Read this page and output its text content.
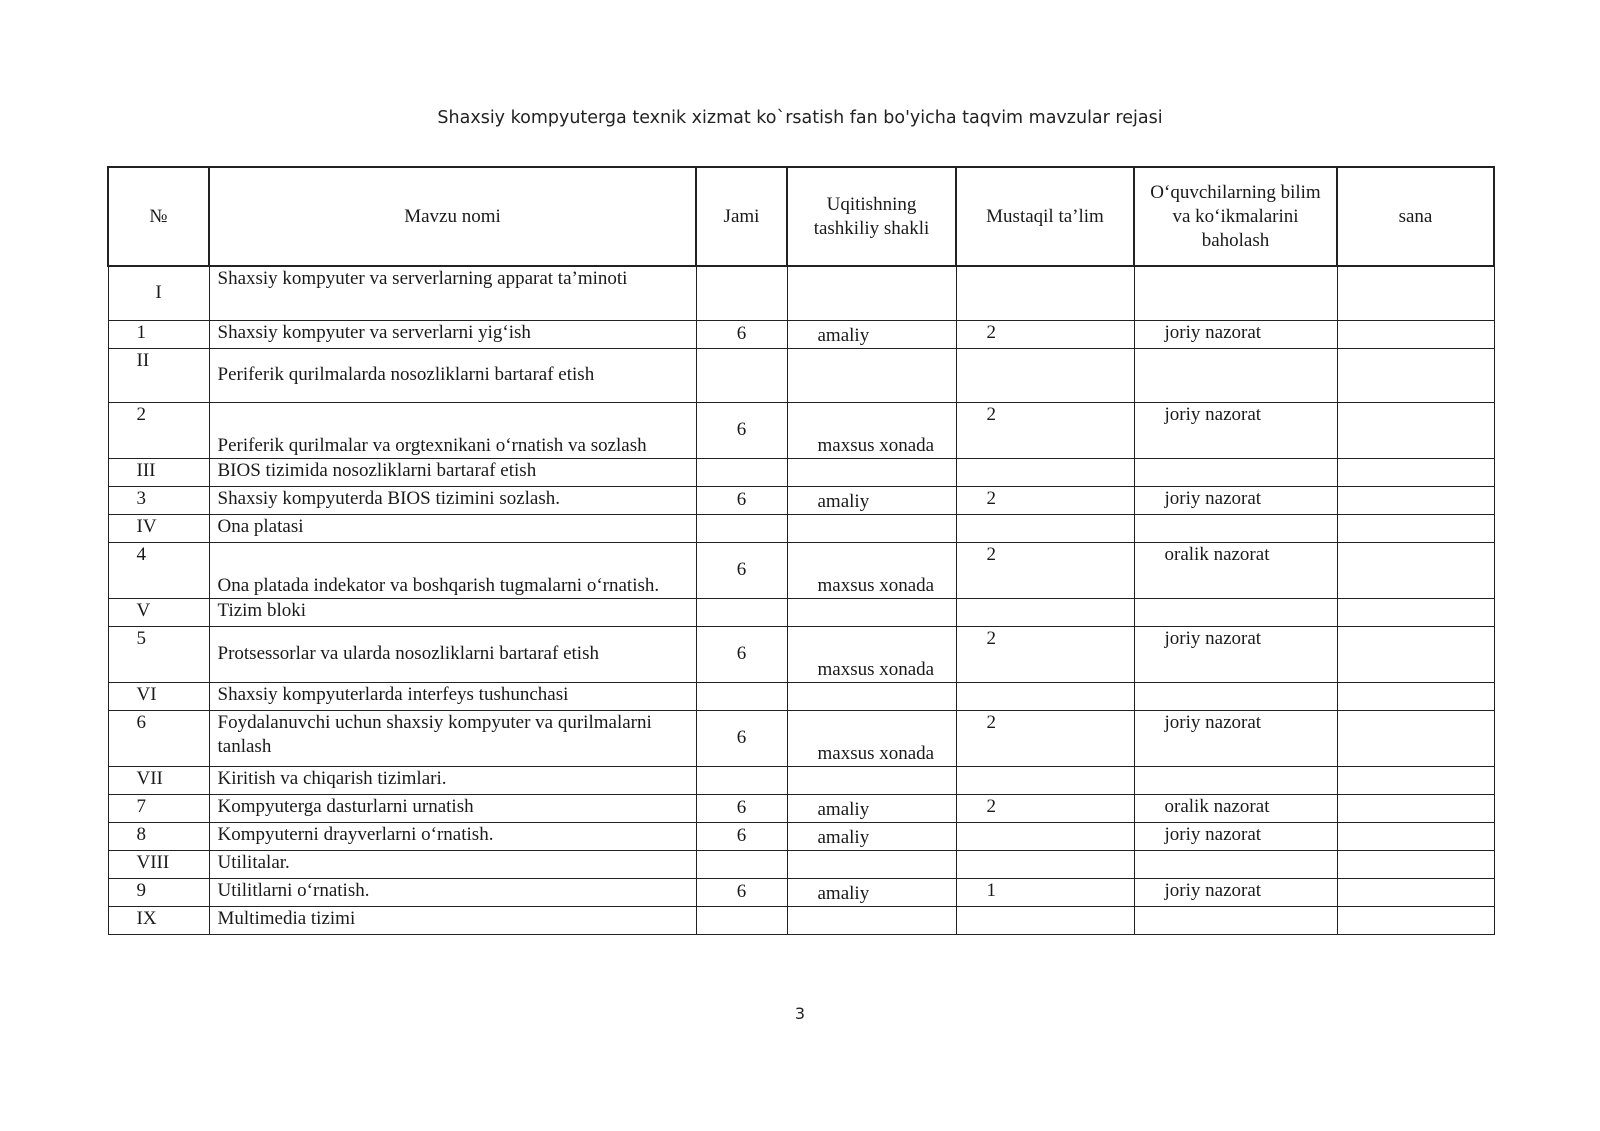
Shaxsiy kompyuterga texnik xizmat ko`rsatish fan bo'yicha taqvim mavzular rejasi
№	Mavzu nomi	Jami	Uqitishning tashkiliy shakli	Mustaqil ta’lim	O‘quvchilarning bilim va ko‘ikmalarini baholash	sana
I	Shaxsiy kompyuter va serverlarning apparat ta’minoti					
1	Shaxsiy kompyuter va serverlarni yig‘ish	6	amaliy	2	joriy nazorat	
II	Periferik qurilmalarda nosozliklarni bartaraf etish					
2	Periferik qurilmalar va orgtexnikani o‘rnatish va sozlash	6	maxsus xonada	2	joriy nazorat	
III	BIOS tizimida nosozliklarni bartaraf etish					
3	Shaxsiy kompyuterda BIOS tizimini sozlash.	6	amaliy	2	joriy nazorat	
IV	Ona platasi					
4	Ona platada indekator va boshqarish tugmalarni o‘rnatish.	6	maxsus xonada	2	oralik nazorat	
V	Tizim bloki					
5	Protsessorlar va ularda nosozliklarni bartaraf etish	6	maxsus xonada	2	joriy nazorat	
VI	Shaxsiy kompyuterlarda interfeys tushunchasi					
6	Foydalanuvchi uchun shaxsiy kompyuter va qurilmalarni tanlash	6	maxsus xonada	2	joriy nazorat	
VII	Kiritish va chiqarish tizimlari.					
7	Kompyuterga dasturlarni urnatish	6	amaliy	2	oralik nazorat	
8	Kompyuterni drayverlarni o‘rnatish.	6	amaliy		joriy nazorat	
VIII	Utilitalar.					
9	Utilitlarni o‘rnatish.	6	amaliy	1	joriy nazorat	
IX	Multimedia tizimi					
3
